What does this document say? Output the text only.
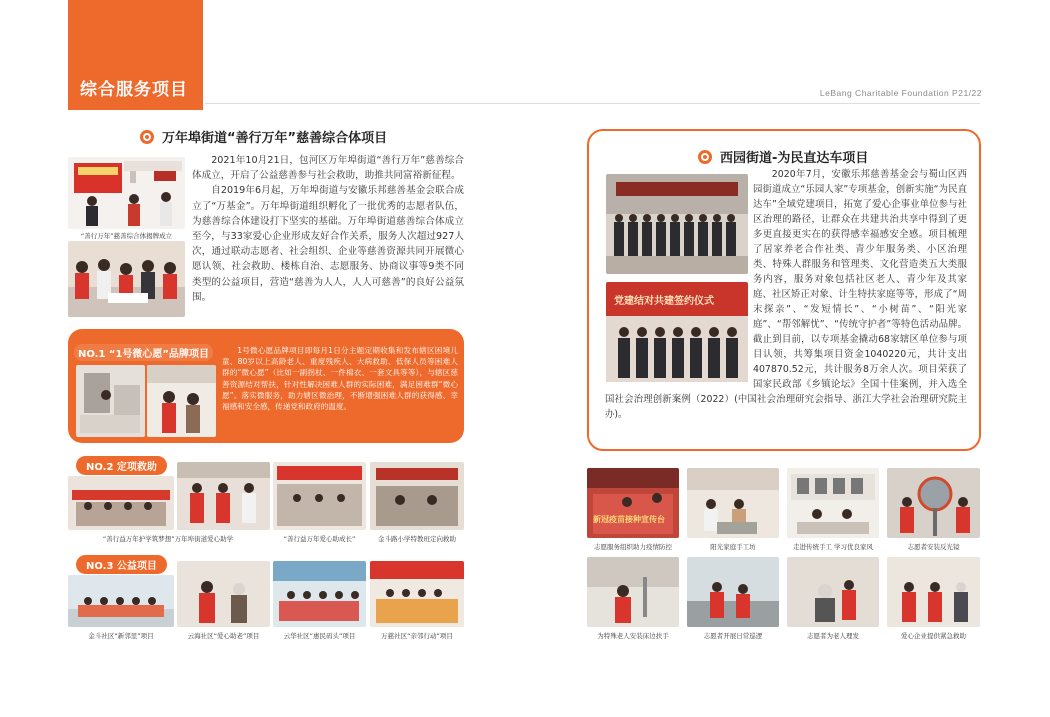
综合服务项目	LeBang Charitable Foundation P21/22
万年埠街道“善行万年”慈善综合体项目
“善行万年”慈善综合体揭牌成立

2021年10月21日，包河区万年埠街道“善行万年”慈善综合体成立，开启了公益慈善参与社会救助，助推共同富裕新征程。

自2019年6月起，万年埠街道与安徽乐邦慈善基金会联合成立了“万基金”。万年埠街道组织孵化了一批优秀的志愿者队伍，为慈善综合体建设打下坚实的基础。万年埠街道慈善综合体成立至今，与33家爱心企业形成友好合作关系，服务人次超过927人次，通过联动志愿者、社会组织、企业等慈善资源共同开展微心愿认领、社会救助、楼栋自治、志愿服务、协商议事等9类不同类型的公益项目，营造“慈善为人人，人人可慈善”的良好公益氛围。

NO.1 “1号微心愿”品牌项目	1号微心愿品牌项目即每月1日分主题定期收集和发布辖区困境儿童、80岁以上高龄老人、重度残疾人、大病救助、低保人员等困难人群的“微心愿”（比如一副拐杖、一件棉衣、一套文具等等），与辖区慈善资源结对帮扶，针对性解决困难人群的实际困难，满足困难群“微心愿”。落实微服务，助力辖区微治理，不断增强困难人群的获得感、幸福感和安全感，传递党和政府的温度。
NO.2 定项救助
“善行益万年护学筑梦想”万年埠街道爱心助学	“善行益万年爱心助成长”	金斗路小学特教班定向救助
NO.3 公益项目
金斗社区“新邻里”项目	云海社区“爱心助老”项目	云华社区“惠民码头”项目	万慈社区“亲邻行动”项目
西园街道-为民直达车项目
党建结对共建签约仪式

2020年7月，安徽乐邦慈善基金会与蜀山区西园街道成立“乐园人家”专项基金，创新实施“为民直达车”全域党建项目，拓宽了爱心企事业单位参与社区治理的路径，让群众在共建共治共享中得到了更多更直接更实在的获得感幸福感安全感。项目梳理了居家养老合作社类、青少年服务类、小区治理类、特殊人群服务和管理类、文化营造类五大类服务内容，服务对象包括社区老人、青少年及其家庭、社区矫正对象、计生特扶家庭等等，形成了“周末探亲”、“发短情长”、“小树苗”、“阳光家庭”、“帮邻解忧”、“传统守护者”等特色活动品牌。截止到目前，以专项基金撬动68家辖区单位参与项目认领，共筹集项目资金1040220元，共计支出407870.52元，共计服务8万余人次。项目荣获了国家民政部《乡镇论坛》全国十佳案例，并入选全国社会治理创新案例（2022）(中国社会治理研究会指导、浙江大学社会治理研究院主办)。

新冠疫苗接种宣传台
志愿服务组织助力疫情防控	阳光家庭手工坊	走进传统手工 学习优良家风	志愿者安装反光镜
为特殊老人安装床边扶手	志愿者开展日常巡逻	志愿者为老人理发	爱心企业提供紧急救助
